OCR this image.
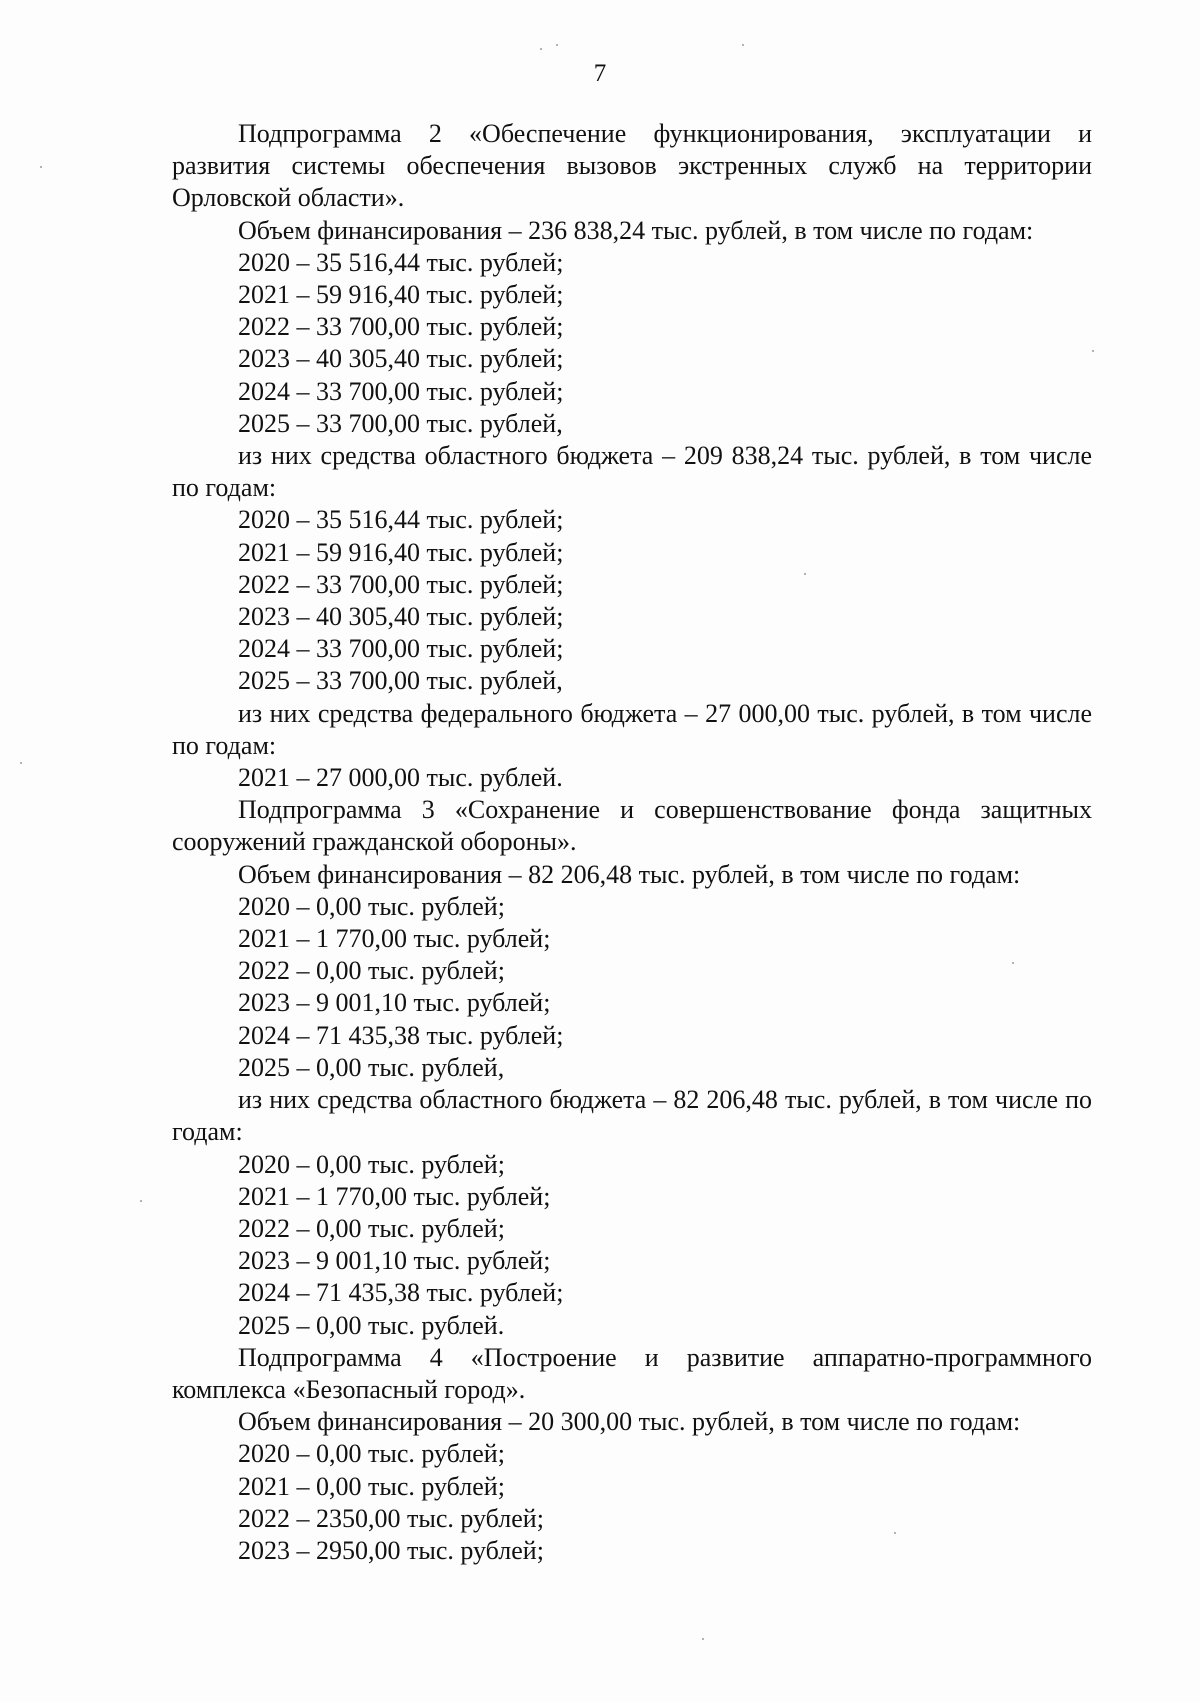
7

Подпрограмма 2 «Обеспечение функционирования, эксплуатации и развития системы обеспечения вызовов экстренных служб на территории Орловской области».

Объем финансирования – 236 838,24 тыс. рублей, в том числе по годам:

2020 – 35 516,44 тыс. рублей;

2021 – 59 916,40 тыс. рублей;

2022 – 33 700,00 тыс. рублей;

2023 – 40 305,40 тыс. рублей;

2024 – 33 700,00 тыс. рублей;

2025 – 33 700,00 тыс. рублей,

из них средства областного бюджета – 209 838,24 тыс. рублей, в том числе по годам:

2020 – 35 516,44 тыс. рублей;

2021 – 59 916,40 тыс. рублей;

2022 – 33 700,00 тыс. рублей;

2023 – 40 305,40 тыс. рублей;

2024 – 33 700,00 тыс. рублей;

2025 – 33 700,00 тыс. рублей,

из них средства федерального бюджета – 27 000,00 тыс. рублей, в том числе по годам:

2021 – 27 000,00 тыс. рублей.

Подпрограмма 3 «Сохранение и совершенствование фонда защитных сооружений гражданской обороны».

Объем финансирования – 82 206,48 тыс. рублей, в том числе по годам:

2020 – 0,00 тыс. рублей;

2021 – 1 770,00 тыс. рублей;

2022 – 0,00 тыс. рублей;

2023 – 9 001,10 тыс. рублей;

2024 – 71 435,38 тыс. рублей;

2025 – 0,00 тыс. рублей,

из них средства областного бюджета – 82 206,48 тыс. рублей, в том числе по годам:

2020 – 0,00 тыс. рублей;

2021 – 1 770,00 тыс. рублей;

2022 – 0,00 тыс. рублей;

2023 – 9 001,10 тыс. рублей;

2024 – 71 435,38 тыс. рублей;

2025 – 0,00 тыс. рублей.

Подпрограмма 4 «Построение и развитие аппаратно-программного комплекса «Безопасный город».

Объем финансирования – 20 300,00 тыс. рублей, в том числе по годам:

2020 – 0,00 тыс. рублей;

2021 – 0,00 тыс. рублей;

2022 – 2350,00 тыс. рублей;

2023 – 2950,00 тыс. рублей;
